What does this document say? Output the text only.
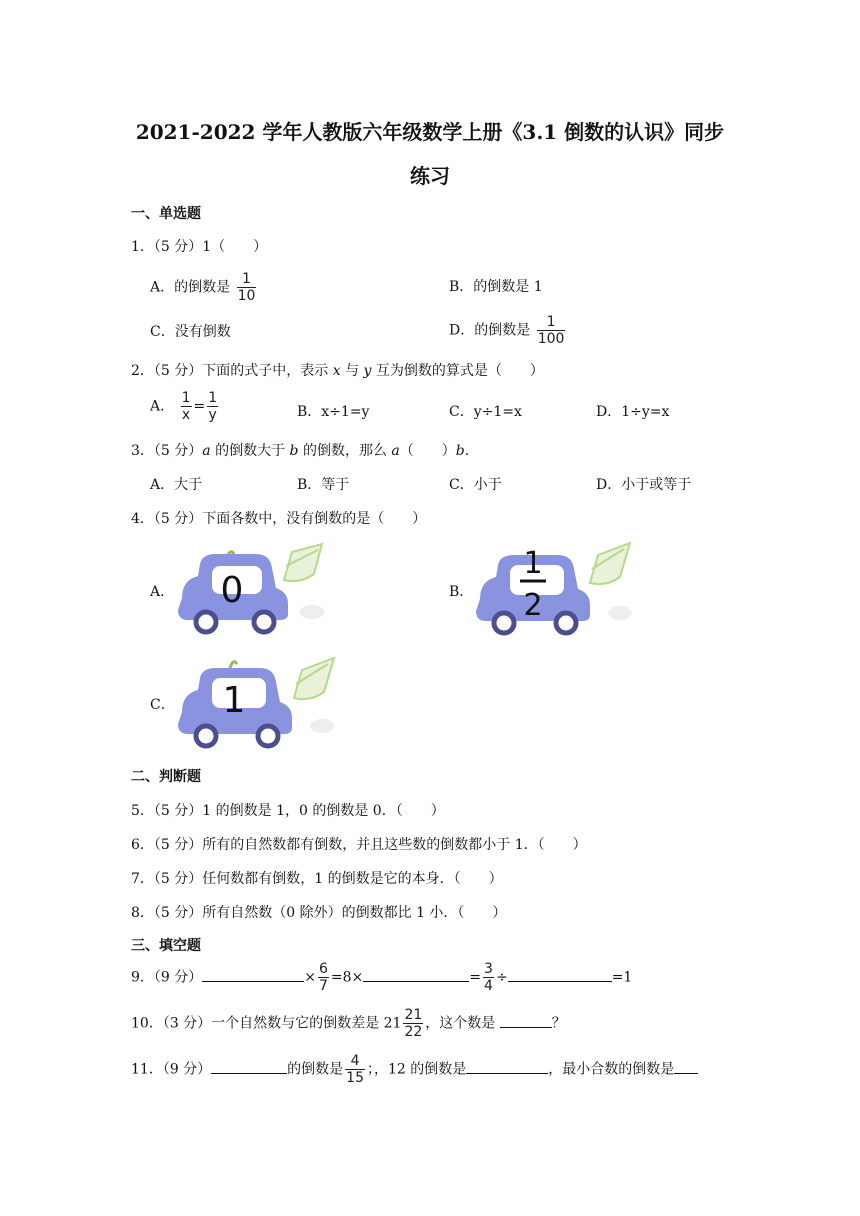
2021-2022 学年人教版六年级数学上册《3.1 倒数的认识》同步
练习
一、单选题
1．（5 分）1（　　）
A．的倒数是 $\frac{1}{10}$	B．的倒数是 1
C．没有倒数	D．的倒数是 $\frac{1}{100}$
2．（5 分）下面的式子中，表示 x 与 y 互为倒数的算式是（　　）
A． $\frac{1}{x} = \frac{1}{y}$	B．x÷1=y	C．y÷1=x	D．1÷y=x
3．（5 分）a 的倒数大于 b 的倒数，那么 a（　　）b.
A．大于	B．等于	C．小于	D．小于或等于
4．（5 分）下面各数中，没有倒数的是（　　）
A． 0	B．
1
2
C． 1
二、判断题
5．（5 分）1 的倒数是 1，0 的倒数是 0．（　　）
6．（5 分）所有的自然数都有倒数，并且这些数的倒数都小于 1．（　　）
7．（5 分）任何数都有倒数，1 的倒数是它的本身．（　　）
8．（5 分）所有自然数（0 除外）的倒数都比 1 小．（　　）
三、填空题
9．（9 分）	× $\frac{6}{7} =8\times$	= $\frac{3}{4}$ ÷	=1
10．（3 分）一个自然数与它的倒数差是 $21 \frac{21}{22}$ ，这个数是	？
11．（9 分）	的倒数是 $\frac{4}{15}$ ；，12 的倒数是	，最小合数的倒数是
